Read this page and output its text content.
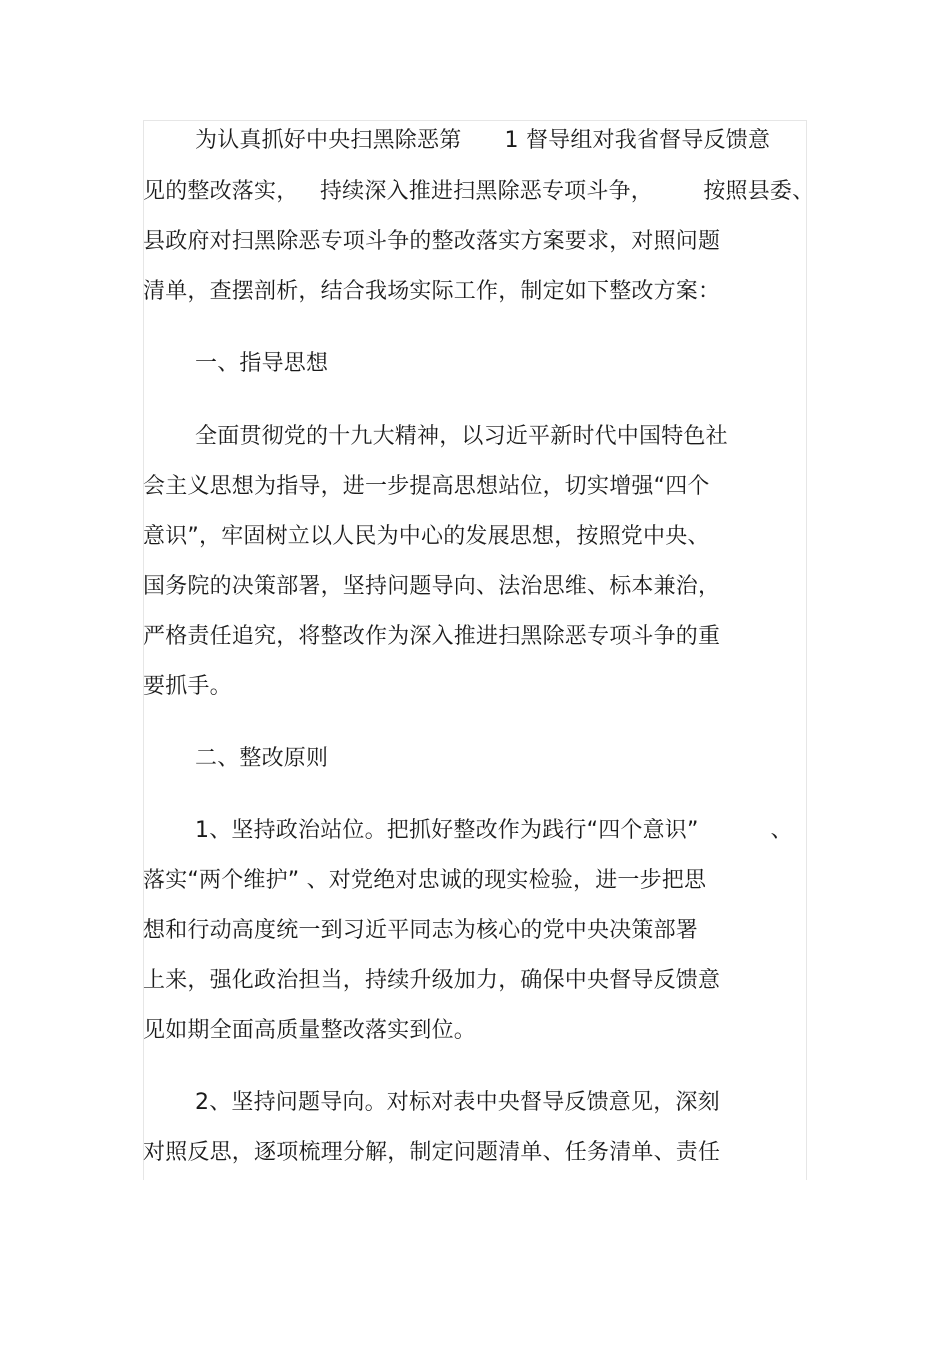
为认真抓好中央扫黑除恶第      1 督导组对我省督导反馈意
见的整改落实，   持续深入推进扫黑除恶专项斗争，       按照县委、
县政府对扫黑除恶专项斗争的整改落实方案要求，对照问题
清单，查摆剖析，结合我场实际工作，制定如下整改方案：
一、指导思想
全面贯彻党的十九大精神，以习近平新时代中国特色社
会主义思想为指导，进一步提高思想站位，切实增强“四个
意识”，牢固树立以人民为中心的发展思想，按照党中央、
国务院的决策部署，坚持问题导向、法治思维、标本兼治，
严格责任追究，将整改作为深入推进扫黑除恶专项斗争的重
要抓手。
二、整改原则
1、坚持政治站位。把抓好整改作为践行“四个意识”          、
落实“两个维护” 、对党绝对忠诚的现实检验，进一步把思
想和行动高度统一到习近平同志为核心的党中央决策部署
上来，强化政治担当，持续升级加力，确保中央督导反馈意
见如期全面高质量整改落实到位。
2、坚持问题导向。对标对表中央督导反馈意见，深刻
对照反思，逐项梳理分解，制定问题清单、任务清单、责任
